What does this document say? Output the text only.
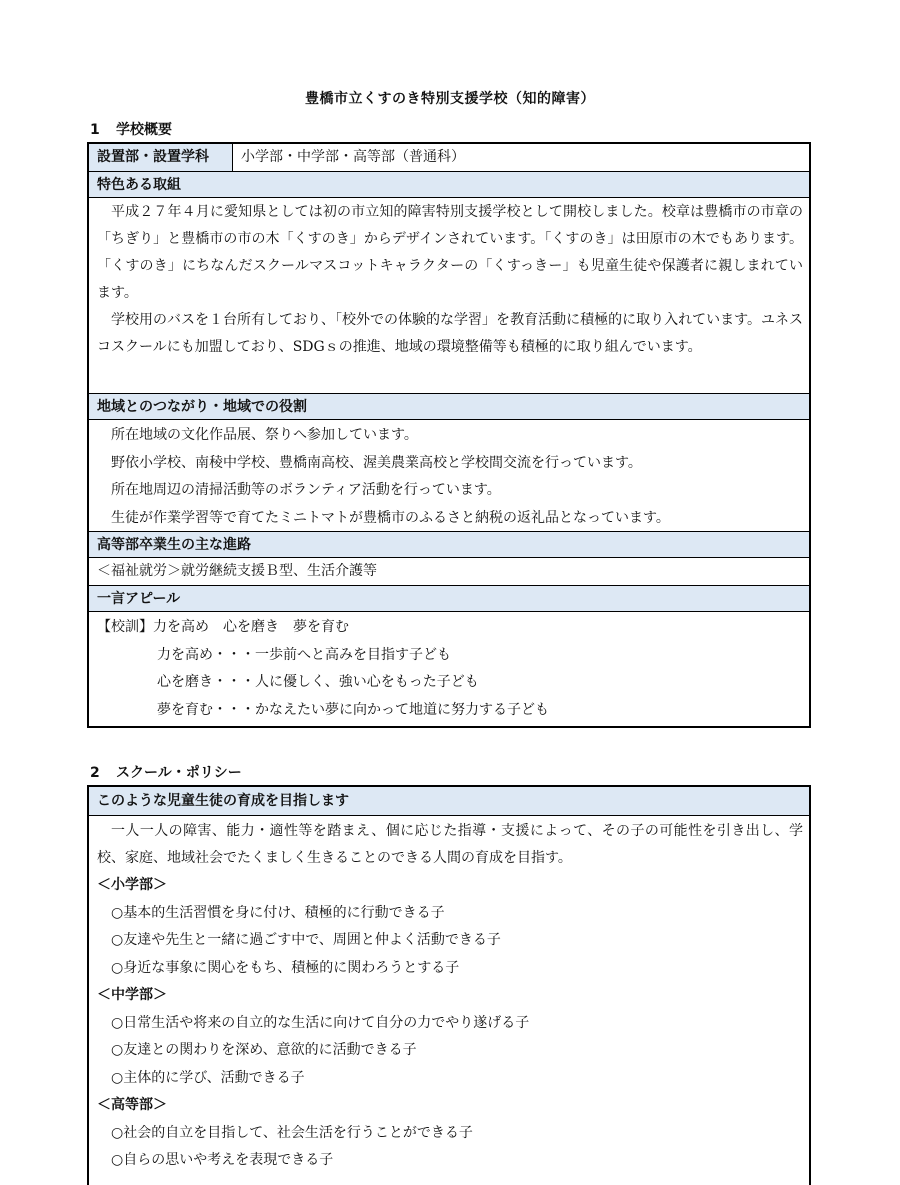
豊橋市立くすのき特別支援学校（知的障害）
1 学校概要
設置部・設置学科	小学部・中学部・高等部（普通科）
特色ある取組

平成２７年４月に愛知県としては初の市立知的障害特別支援学校として開校しました。校章は豊橋市の市章の「ちぎり」と豊橋市の市の木「くすのき」からデザインされています。「くすのき」は田原市の木でもあります。「くすのき」にちなんだスクールマスコットキャラクターの「くすっきー」も児童生徒や保護者に親しまれています。

学校用のバスを１台所有しており、「校外での体験的な学習」を教育活動に積極的に取り入れています。ユネスコスクールにも加盟しており、SDGｓの推進、地域の環境整備等も積極的に取り組んでいます。

地域とのつながり・地域での役割

所在地域の文化作品展、祭りへ参加しています。

野依小学校、南稜中学校、豊橋南高校、渥美農業高校と学校間交流を行っています。

所在地周辺の清掃活動等のボランティア活動を行っています。

生徒が作業学習等で育てたミニトマトが豊橋市のふるさと納税の返礼品となっています。

高等部卒業生の主な進路

＜福祉就労＞就労継続支援Ｂ型、生活介護等

一言アピール

【校訓】力を高め　心を磨き　夢を育む

力を高め・・・一歩前へと高みを目指す子ども

心を磨き・・・人に優しく、強い心をもった子ども

夢を育む・・・かなえたい夢に向かって地道に努力する子ども

2 スクール・ポリシー
このような児童生徒の育成を目指します

一人一人の障害、能力・適性等を踏まえ、個に応じた指導・支援によって、その子の可能性を引き出し、学校、家庭、地域社会でたくましく生きることのできる人間の育成を目指す。

＜小学部＞

○基本的生活習慣を身に付け、積極的に行動できる子

○友達や先生と一緒に過ごす中で、周囲と仲よく活動できる子

○身近な事象に関心をもち、積極的に関わろうとする子

＜中学部＞

○日常生活や将来の自立的な生活に向けて自分の力でやり遂げる子

○友達との関わりを深め、意欲的に活動できる子

○主体的に学び、活動できる子

＜高等部＞

○社会的自立を目指して、社会生活を行うことができる子

○自らの思いや考えを表現できる子
